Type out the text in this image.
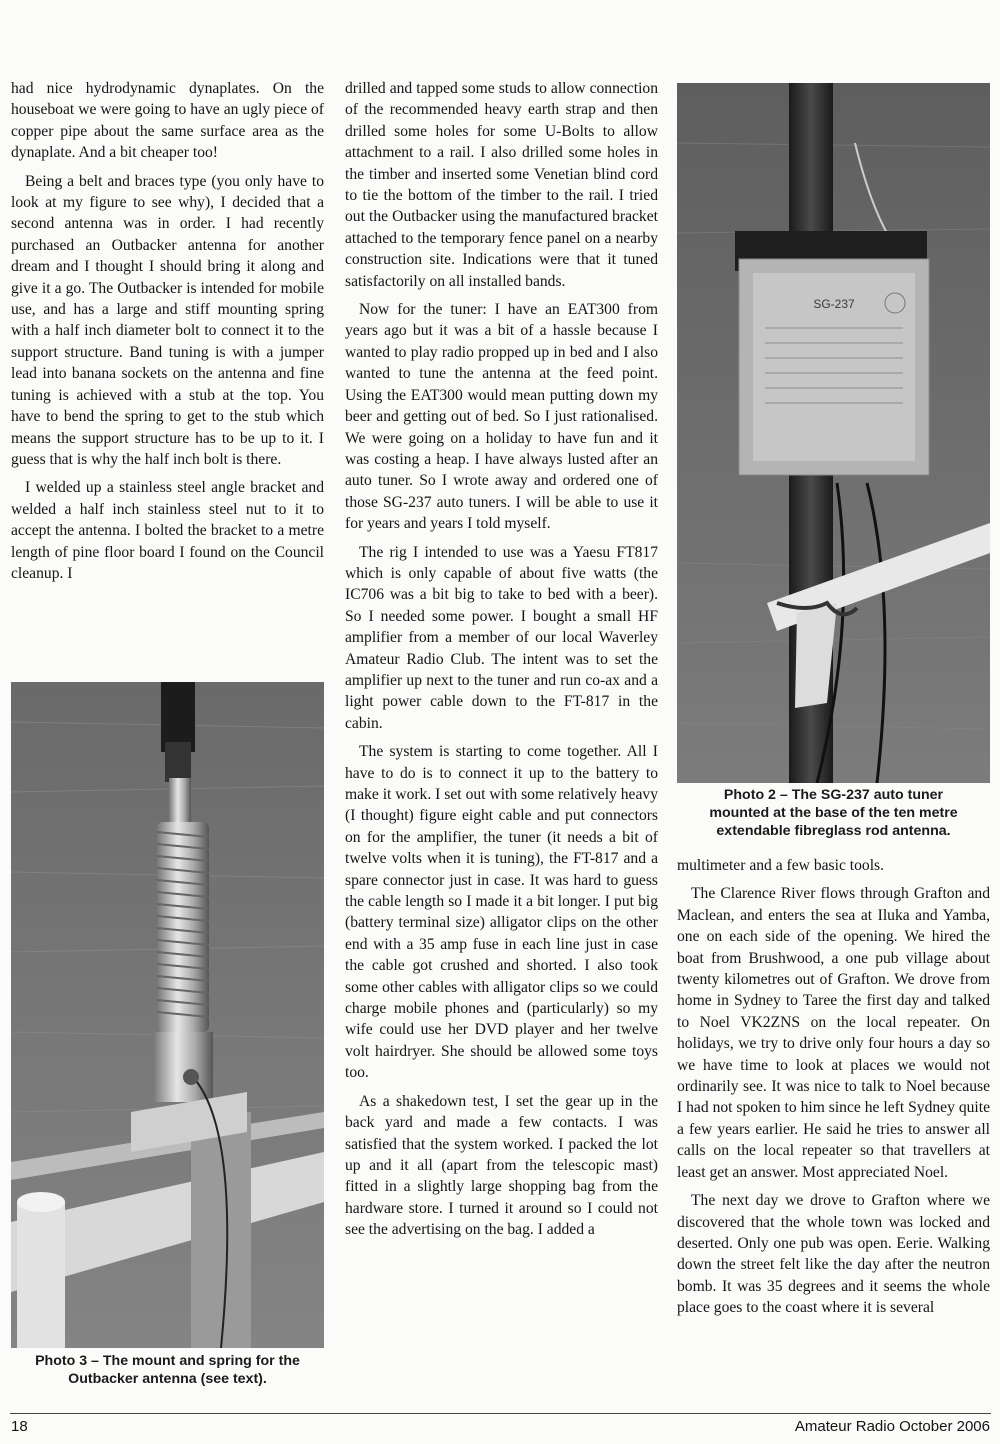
had nice hydrodynamic dynaplates. On the houseboat we were going to have an ugly piece of copper pipe about the same surface area as the dynaplate. And a bit cheaper too!

Being a belt and braces type (you only have to look at my figure to see why), I decided that a second antenna was in order. I had recently purchased an Outbacker antenna for another dream and I thought I should bring it along and give it a go. The Outbacker is intended for mobile use, and has a large and stiff mounting spring with a half inch diameter bolt to connect it to the support structure. Band tuning is with a jumper lead into banana sockets on the antenna and fine tuning is achieved with a stub at the top. You have to bend the spring to get to the stub which means the support structure has to be up to it. I guess that is why the half inch bolt is there.

I welded up a stainless steel angle bracket and welded a half inch stainless steel nut to it to accept the antenna. I bolted the bracket to a metre length of pine floor board I found on the Council cleanup. I

Photo 3 – The mount and spring for the
Outbacker antenna (see text).

drilled and tapped some studs to allow connection of the recommended heavy earth strap and then drilled some holes for some U-Bolts to allow attachment to a rail. I also drilled some holes in the timber and inserted some Venetian blind cord to tie the bottom of the timber to the rail. I tried out the Outbacker using the manufactured bracket attached to the temporary fence panel on a nearby construction site. Indications were that it tuned satisfactorily on all installed bands.

Now for the tuner: I have an EAT300 from years ago but it was a bit of a hassle because I wanted to play radio propped up in bed and I also wanted to tune the antenna at the feed point. Using the EAT300 would mean putting down my beer and getting out of bed. So I just rationalised. We were going on a holiday to have fun and it was costing a heap. I have always lusted after an auto tuner. So I wrote away and ordered one of those SG-237 auto tuners. I will be able to use it for years and years I told myself.

The rig I intended to use was a Yaesu FT817 which is only capable of about five watts (the IC706 was a bit big to take to bed with a beer). So I needed some power. I bought a small HF amplifier from a member of our local Waverley Amateur Radio Club. The intent was to set the amplifier up next to the tuner and run co-ax and a light power cable down to the FT-817 in the cabin.

The system is starting to come together. All I have to do is to connect it up to the battery to make it work. I set out with some relatively heavy (I thought) figure eight cable and put connectors on for the amplifier, the tuner (it needs a bit of twelve volts when it is tuning), the FT-817 and a spare connector just in case. It was hard to guess the cable length so I made it a bit longer. I put big (battery terminal size) alligator clips on the other end with a 35 amp fuse in each line just in case the cable got crushed and shorted. I also took some other cables with alligator clips so we could charge mobile phones and (particularly) so my wife could use her DVD player and her twelve volt hairdryer. She should be allowed some toys too.

As a shakedown test, I set the gear up in the back yard and made a few contacts. I was satisfied that the system worked. I packed the lot up and it all (apart from the telescopic mast) fitted in a slightly large shopping bag from the hardware store. I turned it around so I could not see the advertising on the bag. I added a

SG-237
Photo 2 – The SG-237 auto tuner
mounted at the base of the ten metre
extendable fibreglass rod antenna.

multimeter and a few basic tools.

The Clarence River flows through Grafton and Maclean, and enters the sea at Iluka and Yamba, one on each side of the opening. We hired the boat from Brushwood, a one pub village about twenty kilometres out of Grafton. We drove from home in Sydney to Taree the first day and talked to Noel VK2ZNS on the local repeater. On holidays, we try to drive only four hours a day so we have time to look at places we would not ordinarily see. It was nice to talk to Noel because I had not spoken to him since he left Sydney quite a few years earlier. He said he tries to answer all calls on the local repeater so that travellers at least get an answer. Most appreciated Noel.

The next day we drove to Grafton where we discovered that the whole town was locked and deserted. Only one pub was open. Eerie. Walking down the street felt like the day after the neutron bomb. It was 35 degrees and it seems the whole place goes to the coast where it is several

18	Amateur Radio October 2006
